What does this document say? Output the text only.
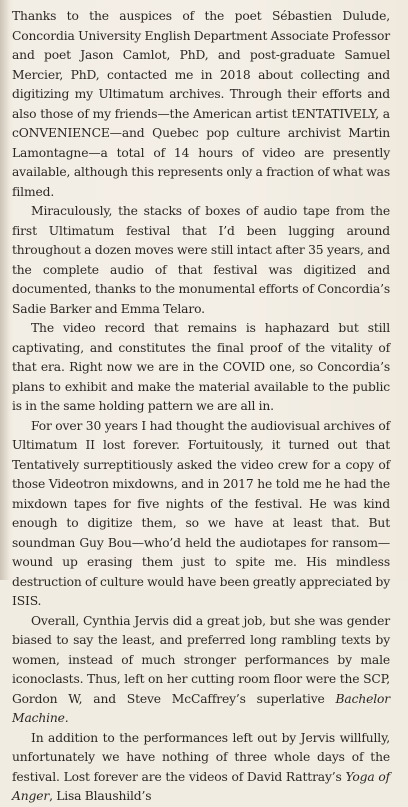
Thanks to the auspices of the poet Sébastien Dulude, Concordia University English Department Associate Professor and poet Jason Camlot, PhD, and post-graduate Samuel Mercier, PhD, contacted me in 2018 about collecting and digitizing my Ultimatum archives. Through their efforts and also those of my friends—the American artist tENTATIVELY, a cONVENIENCE—and Quebec pop culture archivist Martin Lamontagne—a total of 14 hours of video are presently available, although this represents only a fraction of what was filmed.

Miraculously, the stacks of boxes of audio tape from the first Ultimatum festival that I’d been lugging around throughout a dozen moves were still intact after 35 years, and the complete audio of that festival was digitized and documented, thanks to the monumental efforts of Concordia’s Sadie Barker and Emma Telaro.

The video record that remains is haphazard but still captivating, and constitutes the final proof of the vitality of that era. Right now we are in the COVID one, so Concordia’s plans to exhibit and make the material available to the public is in the same holding pattern we are all in.

For over 30 years I had thought the audiovisual archives of Ultimatum II lost forever. Fortuitously, it turned out that Tentatively surreptitiously asked the video crew for a copy of those Videotron mixdowns, and in 2017 he told me he had the mixdown tapes for five nights of the festival. He was kind enough to digitize them, so we have at least that. But soundman Guy Bou—who’d held the audiotapes for ransom—wound up erasing them just to spite me. His mindless destruction of culture would have been greatly appreciated by ISIS.

Overall, Cynthia Jervis did a great job, but she was gender biased to say the least, and preferred long rambling texts by women, instead of much stronger performances by male iconoclasts. Thus, left on her cutting room floor were the SCP, Gordon W, and Steve McCaffrey’s superlative Bachelor Machine.

In addition to the performances left out by Jervis willfully, unfortunately we have nothing of three whole days of the festival. Lost forever are the videos of David Rattray’s Yoga of Anger, Lisa Blaushild’s
